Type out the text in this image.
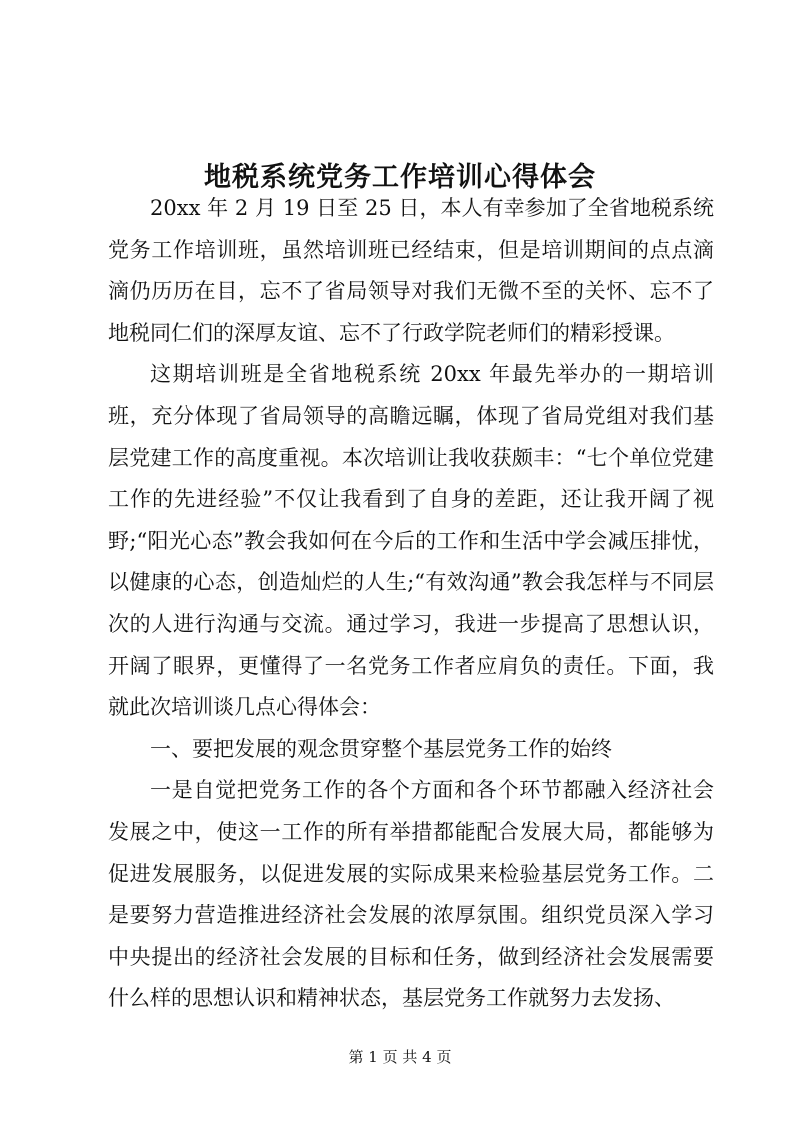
地税系统党务工作培训心得体会

20xx 年 2 月 19 日至 25 日，本人有幸参加了全省地税系统党务工作培训班，虽然培训班已经结束，但是培训期间的点点滴滴仍历历在目，忘不了省局领导对我们无微不至的关怀、忘不了地税同仁们的深厚友谊、忘不了行政学院老师们的精彩授课。

这期培训班是全省地税系统 20xx 年最先举办的一期培训班，充分体现了省局领导的高瞻远瞩，体现了省局党组对我们基层党建工作的高度重视。本次培训让我收获颇丰：“七个单位党建工作的先进经验”不仅让我看到了自身的差距，还让我开阔了视野;“阳光心态”教会我如何在今后的工作和生活中学会减压排忧，以健康的心态，创造灿烂的人生;“有效沟通”教会我怎样与不同层次的人进行沟通与交流。通过学习，我进一步提高了思想认识，开阔了眼界，更懂得了一名党务工作者应肩负的责任。下面，我就此次培训谈几点心得体会：

一、要把发展的观念贯穿整个基层党务工作的始终

一是自觉把党务工作的各个方面和各个环节都融入经济社会发展之中，使这一工作的所有举措都能配合发展大局，都能够为促进发展服务，以促进发展的实际成果来检验基层党务工作。二是要努力营造推进经济社会发展的浓厚氛围。组织党员深入学习中央提出的经济社会发展的目标和任务，做到经济社会发展需要什么样的思想认识和精神状态，基层党务工作就努力去发扬、

第 1 页 共 4 页
